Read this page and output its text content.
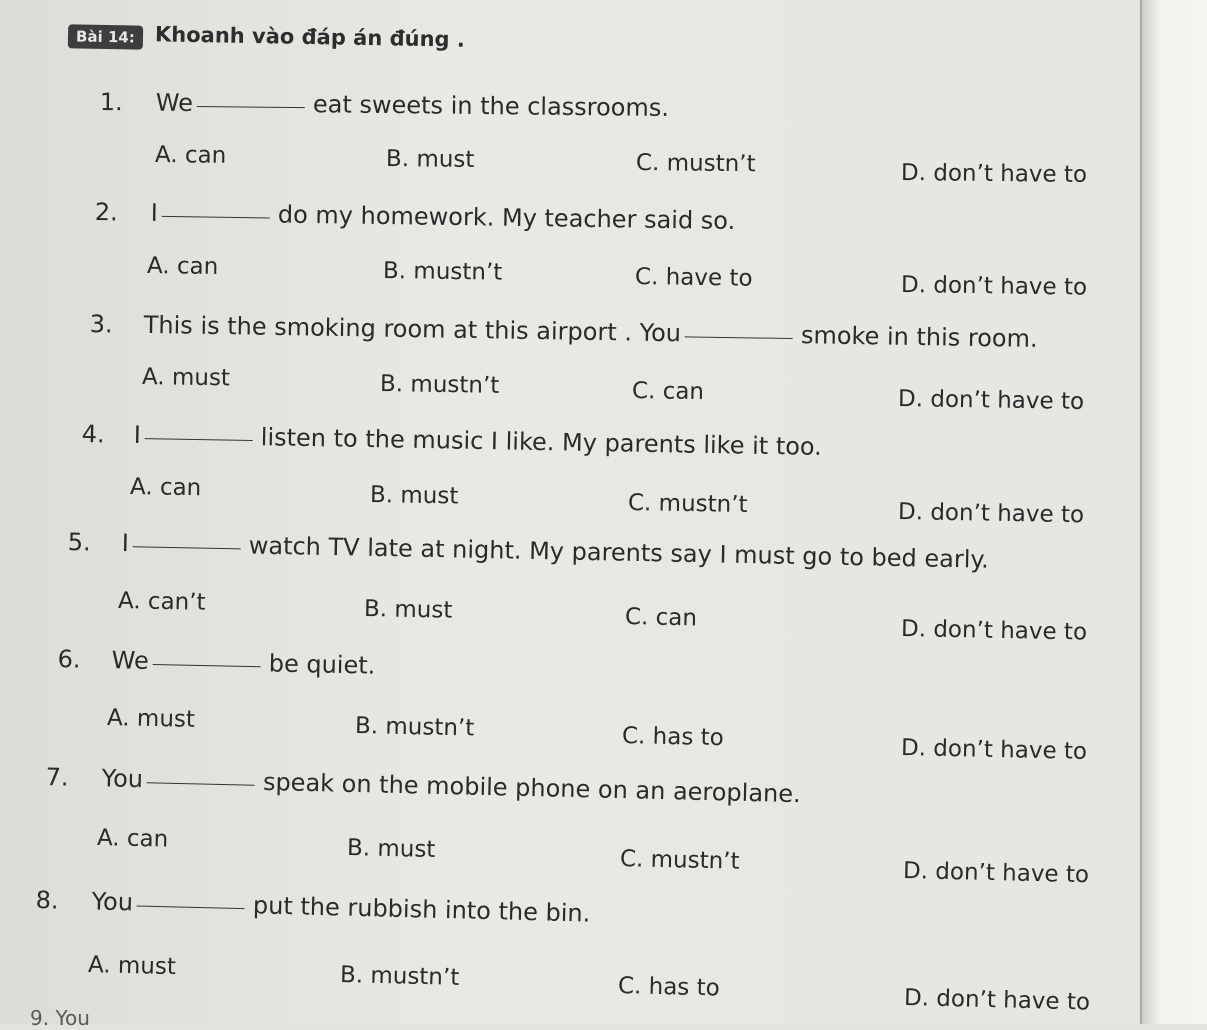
Bài 14: Khoanh vào đáp án đúng .
1. We	eat sweets in the classrooms.
A. can	B. must	C. mustn’t	D. don’t have to
2. I	do my homework. My teacher said so.
A. can	B. mustn’t	C. have to	D. don’t have to
3. This is the smoking room at this airport . You	smoke in this room.
A. must	B. mustn’t	C. can	D. don’t have to
4. I	listen to the music I like. My parents like it too.
A. can	B. must	C. mustn’t	D. don’t have to
5. I	watch TV late at night. My parents say I must go to bed early.
A. can’t	B. must	C. can	D. don’t have to
6. We	be quiet.
A. must	B. mustn’t	C. has to	D. don’t have to
7. You	speak on the mobile phone on an aeroplane.
A. can	B. must	C. mustn’t	D. don’t have to
8. You	put the rubbish into the bin.
A. must	B. mustn’t	C. has to	D. don’t have to
9. You
